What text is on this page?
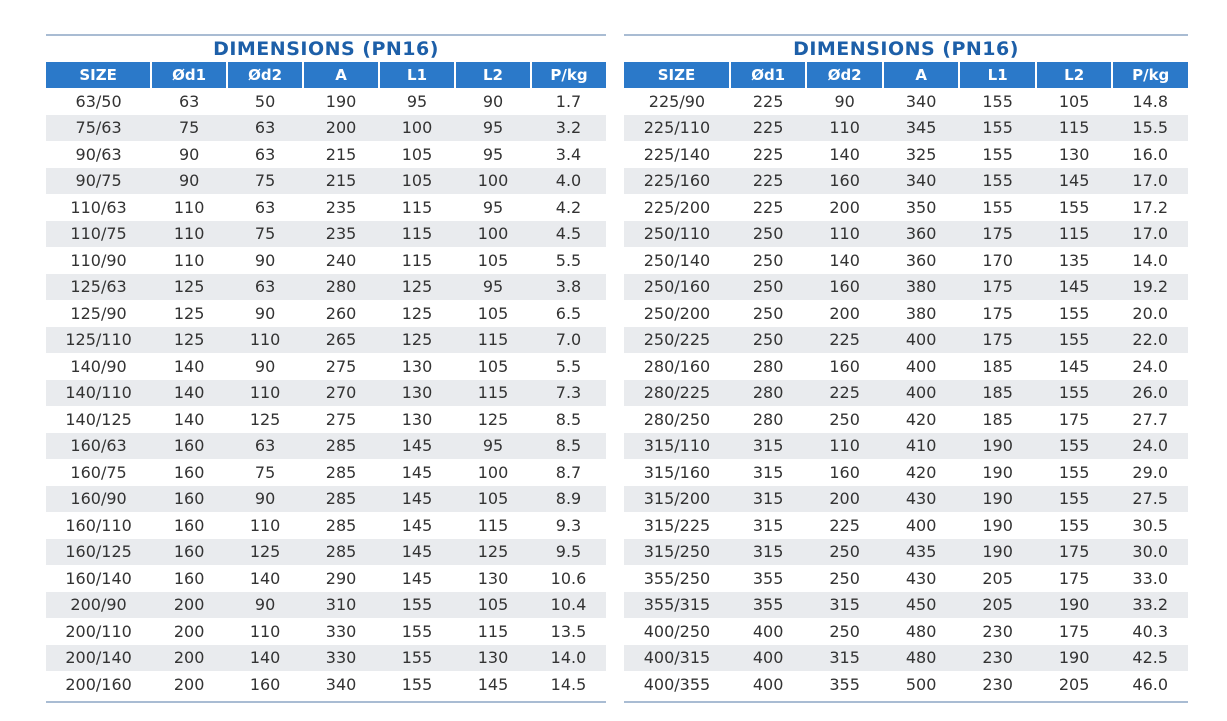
DIMENSIONS (PN16)
SIZE	Ød1	Ød2	A	L1	L2	P/kg
63/50	63	50	190	95	90	1.7
75/63	75	63	200	100	95	3.2
90/63	90	63	215	105	95	3.4
90/75	90	75	215	105	100	4.0
110/63	110	63	235	115	95	4.2
110/75	110	75	235	115	100	4.5
110/90	110	90	240	115	105	5.5
125/63	125	63	280	125	95	3.8
125/90	125	90	260	125	105	6.5
125/110	125	110	265	125	115	7.0
140/90	140	90	275	130	105	5.5
140/110	140	110	270	130	115	7.3
140/125	140	125	275	130	125	8.5
160/63	160	63	285	145	95	8.5
160/75	160	75	285	145	100	8.7
160/90	160	90	285	145	105	8.9
160/110	160	110	285	145	115	9.3
160/125	160	125	285	145	125	9.5
160/140	160	140	290	145	130	10.6
200/90	200	90	310	155	105	10.4
200/110	200	110	330	155	115	13.5
200/140	200	140	330	155	130	14.0
200/160	200	160	340	155	145	14.5
DIMENSIONS (PN16)
SIZE	Ød1	Ød2	A	L1	L2	P/kg
225/90	225	90	340	155	105	14.8
225/110	225	110	345	155	115	15.5
225/140	225	140	325	155	130	16.0
225/160	225	160	340	155	145	17.0
225/200	225	200	350	155	155	17.2
250/110	250	110	360	175	115	17.0
250/140	250	140	360	170	135	14.0
250/160	250	160	380	175	145	19.2
250/200	250	200	380	175	155	20.0
250/225	250	225	400	175	155	22.0
280/160	280	160	400	185	145	24.0
280/225	280	225	400	185	155	26.0
280/250	280	250	420	185	175	27.7
315/110	315	110	410	190	155	24.0
315/160	315	160	420	190	155	29.0
315/200	315	200	430	190	155	27.5
315/225	315	225	400	190	155	30.5
315/250	315	250	435	190	175	30.0
355/250	355	250	430	205	175	33.0
355/315	355	315	450	205	190	33.2
400/250	400	250	480	230	175	40.3
400/315	400	315	480	230	190	42.5
400/355	400	355	500	230	205	46.0
